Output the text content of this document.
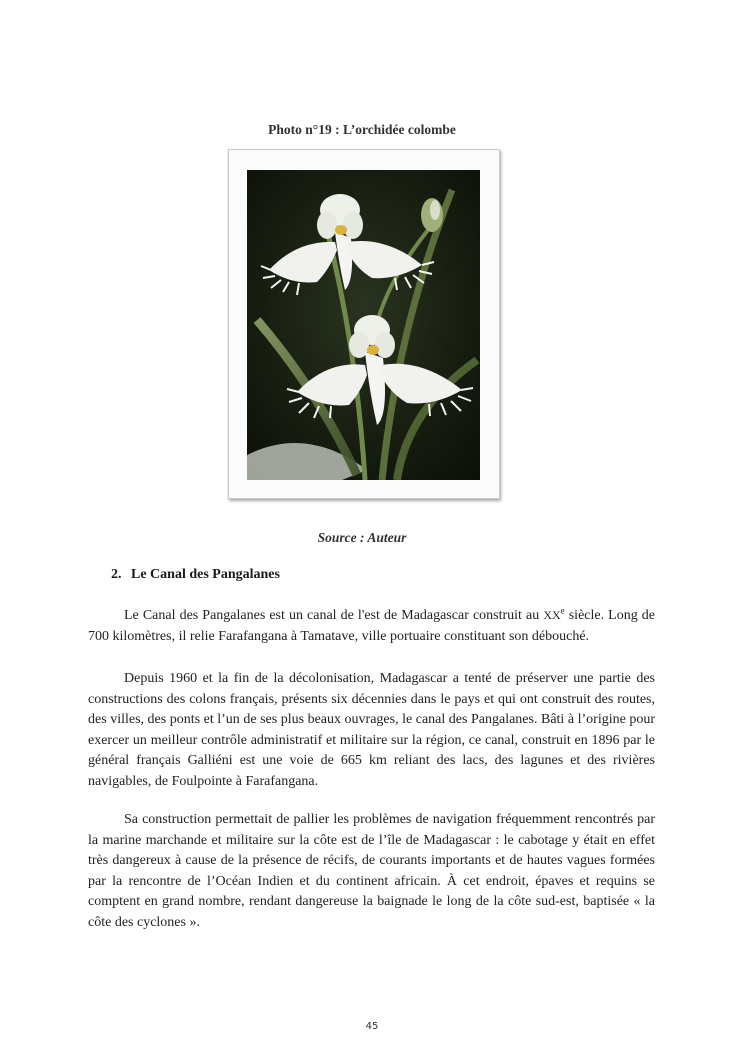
Photo n°19 : L’orchidée colombe
Source : Auteur
2. Le Canal des Pangalanes

Le Canal des Pangalanes est un canal de l'est de Madagascar construit au XXe siècle. Long de 700 kilomètres, il relie Farafangana à Tamatave, ville portuaire constituant son débouché.

Depuis 1960 et la fin de la décolonisation, Madagascar a tenté de préserver une partie des constructions des colons français, présents six décennies dans le pays et qui ont construit des routes, des villes, des ponts et l’un de ses plus beaux ouvrages, le canal des Pangalanes. Bâti à l’origine pour exercer un meilleur contrôle administratif et militaire sur la région, ce canal, construit en 1896 par le général français Galliéni est une voie de 665 km reliant des lacs, des lagunes et des rivières navigables, de Foulpointe à Farafangana.

Sa construction permettait de pallier les problèmes de navigation fréquemment rencontrés par la marine marchande et militaire sur la côte est de l’île de Madagascar : le cabotage y était en effet très dangereux à cause de la présence de récifs, de courants importants et de hautes vagues formées par la rencontre de l’Océan Indien et du continent africain. À cet endroit, épaves et requins se comptent en grand nombre, rendant dangereuse la baignade le long de la côte sud-est, baptisée « la côte des cyclones ».

45
